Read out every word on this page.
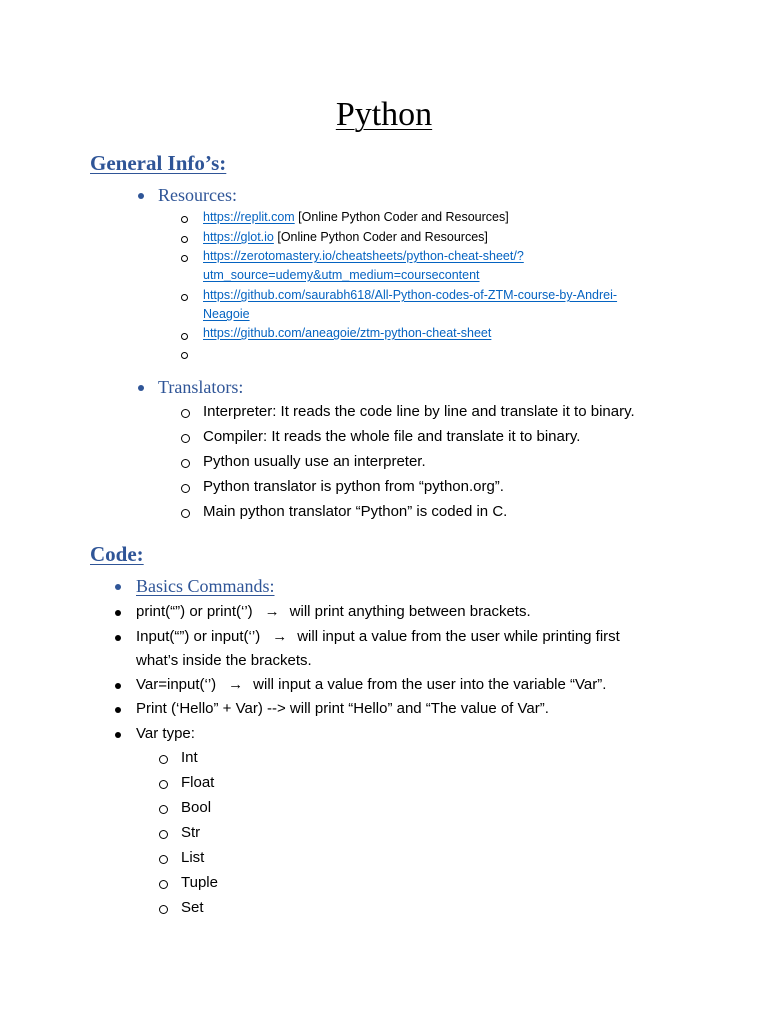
Python
General Info’s:
Resources:
https://replit.com [Online Python Coder and Resources]
https://glot.io [Online Python Coder and Resources]
https://zerotomastery.io/cheatsheets/python-cheat-sheet/?
utm_source=udemy&utm_medium=coursecontent
https://github.com/saurabh618/All-Python-codes-of-ZTM-course-by-Andrei-
Neagoie
https://github.com/aneagoie/ztm-python-cheat-sheet
Translators:
Interpreter: It reads the code line by line and translate it to binary.
Compiler: It reads the whole file and translate it to binary.
Python usually use an interpreter.
Python translator is python from “python.org”.
Main python translator “Python” is coded in C.
Code:
Basics Commands:
print(“”) or print(‘’) → will print anything between brackets.
Input(“”) or input(‘’) → will input a value from the user while printing first
what’s inside the brackets.
Var=input(‘’) → will input a value from the user into the variable “Var”.
Print (‘Hello” + Var) --> will print “Hello” and “The value of Var”.
Var type:
Int
Float
Bool
Str
List
Tuple
Set
